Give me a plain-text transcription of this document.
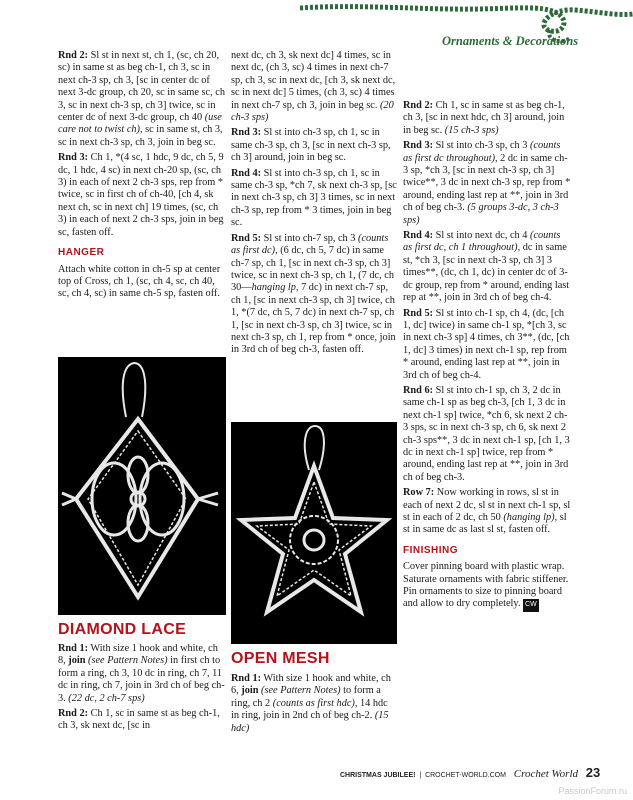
Ornaments & Decorations

Rnd 2: Sl st in next st, ch 1, (sc, ch 20, sc) in same st as beg ch-1, ch 3, sc in next ch-3 sp, ch 3, [sc in center dc of next 3-dc group, ch 20, sc in same sc, ch 3, sc in next ch-3 sp, ch 3] twice, sc in center dc of next 3-dc group, ch 40 (use care not to twist ch), sc in same st, ch 3, sc in next ch-3 sp, ch 3, join in beg sc.

Rnd 3: Ch 1, *(4 sc, 1 hdc, 9 dc, ch 5, 9 dc, 1 hdc, 4 sc) in next ch-20 sp, (sc, ch 3) in each of next 2 ch-3 sps, rep from * twice, sc in first ch of ch-40, [ch 4, sk next ch, sc in next ch] 19 times, (sc, ch 3) in each of next 2 ch-3 sps, join in beg sc, fasten off.

HANGER

Attach white cotton in ch-5 sp at center top of Cross, ch 1, (sc, ch 4, sc, ch 40, sc, ch 4, sc) in same ch-5 sp, fasten off.

DIAMOND LACE

Rnd 1: With size 1 hook and white, ch 8, join (see Pattern Notes) in first ch to form a ring, ch 3, 10 dc in ring, ch 7, 11 dc in ring, ch 7, join in 3rd ch of beg ch-3. (22 dc, 2 ch-7 sps)

Rnd 2: Ch 1, sc in same st as beg ch-1, ch 3, sk next dc, [sc in

next dc, ch 3, sk next dc] 4 times, sc in next dc, (ch 3, sc) 4 times in next ch-7 sp, ch 3, sc in next dc, [ch 3, sk next dc, sc in next dc] 5 times, (ch 3, sc) 4 times in next ch-7 sp, ch 3, join in beg sc. (20 ch-3 sps)

Rnd 3: Sl st into ch-3 sp, ch 1, sc in same ch-3 sp, ch 3, [sc in next ch-3 sp, ch 3] around, join in beg sc.

Rnd 4: Sl st into ch-3 sp, ch 1, sc in same ch-3 sp, *ch 7, sk next ch-3 sp, [sc in next ch-3 sp, ch 3] 3 times, sc in next ch-3 sp, rep from * 3 times, join in beg sc.

Rnd 5: Sl st into ch-7 sp, ch 3 (counts as first dc), (6 dc, ch 5, 7 dc) in same ch-7 sp, ch 1, [sc in next ch-3 sp, ch 3] twice, sc in next ch-3 sp, ch 1, (7 dc, ch 30—hanging lp, 7 dc) in next ch-7 sp, ch 1, [sc in next ch-3 sp, ch 3] twice, ch 1, *(7 dc, ch 5, 7 dc) in next ch-7 sp, ch 1, [sc in next ch-3 sp, ch 3] twice, sc in next ch-3 sp, ch 1, rep from * once, join in 3rd ch of beg ch-3, fasten off.

OPEN MESH

Rnd 1: With size 1 hook and white, ch 6, join (see Pattern Notes) to form a ring, ch 2 (counts as first hdc), 14 hdc in ring, join in 2nd ch of beg ch-2. (15 hdc)

Rnd 2: Ch 1, sc in same st as beg ch-1, ch 3, [sc in next hdc, ch 3] around, join in beg sc. (15 ch-3 sps)

Rnd 3: Sl st into ch-3 sp, ch 3 (counts as first dc throughout), 2 dc in same ch-3 sp, *ch 3, [sc in next ch-3 sp, ch 3] twice**, 3 dc in next ch-3 sp, rep from * around, ending last rep at **, join in 3rd ch of beg ch-3. (5 groups 3-dc, 3 ch-3 sps)

Rnd 4: Sl st into next dc, ch 4 (counts as first dc, ch 1 throughout), dc in same st, *ch 3, [sc in next ch-3 sp, ch 3] 3 times**, (dc, ch 1, dc) in center dc of 3-dc group, rep from * around, ending last rep at **, join in 3rd ch of beg ch-4.

Rnd 5: Sl st into ch-1 sp, ch 4, (dc, [ch 1, dc] twice) in same ch-1 sp, *[ch 3, sc in next ch-3 sp] 4 times, ch 3**, (dc, [ch 1, dc] 3 times) in next ch-1 sp, rep from * around, ending last rep at **, join in 3rd ch of beg ch-4.

Rnd 6: Sl st into ch-1 sp, ch 3, 2 dc in same ch-1 sp as beg ch-3, [ch 1, 3 dc in next ch-1 sp] twice, *ch 6, sk next 2 ch-3 sps, sc in next ch-3 sp, ch 6, sk next 2 ch-3 sps**, 3 dc in next ch-1 sp, [ch 1, 3 dc in next ch-1 sp] twice, rep from * around, ending last rep at **, join in 3rd ch of beg ch-3.

Row 7: Now working in rows, sl st in each of next 2 dc, sl st in next ch-1 sp, sl st in each of 2 dc, ch 50 (hanging lp), sl st in same dc as last sl st, fasten off.

FINISHING

Cover pinning board with plastic wrap. Saturate ornaments with fabric stiffener. Pin ornaments to size to pinning board and allow to dry completely. CW

CHRISTMAS JUBILEE!  |  CROCHET-WORLD.COM Crochet World 23
PassionForum.ru
